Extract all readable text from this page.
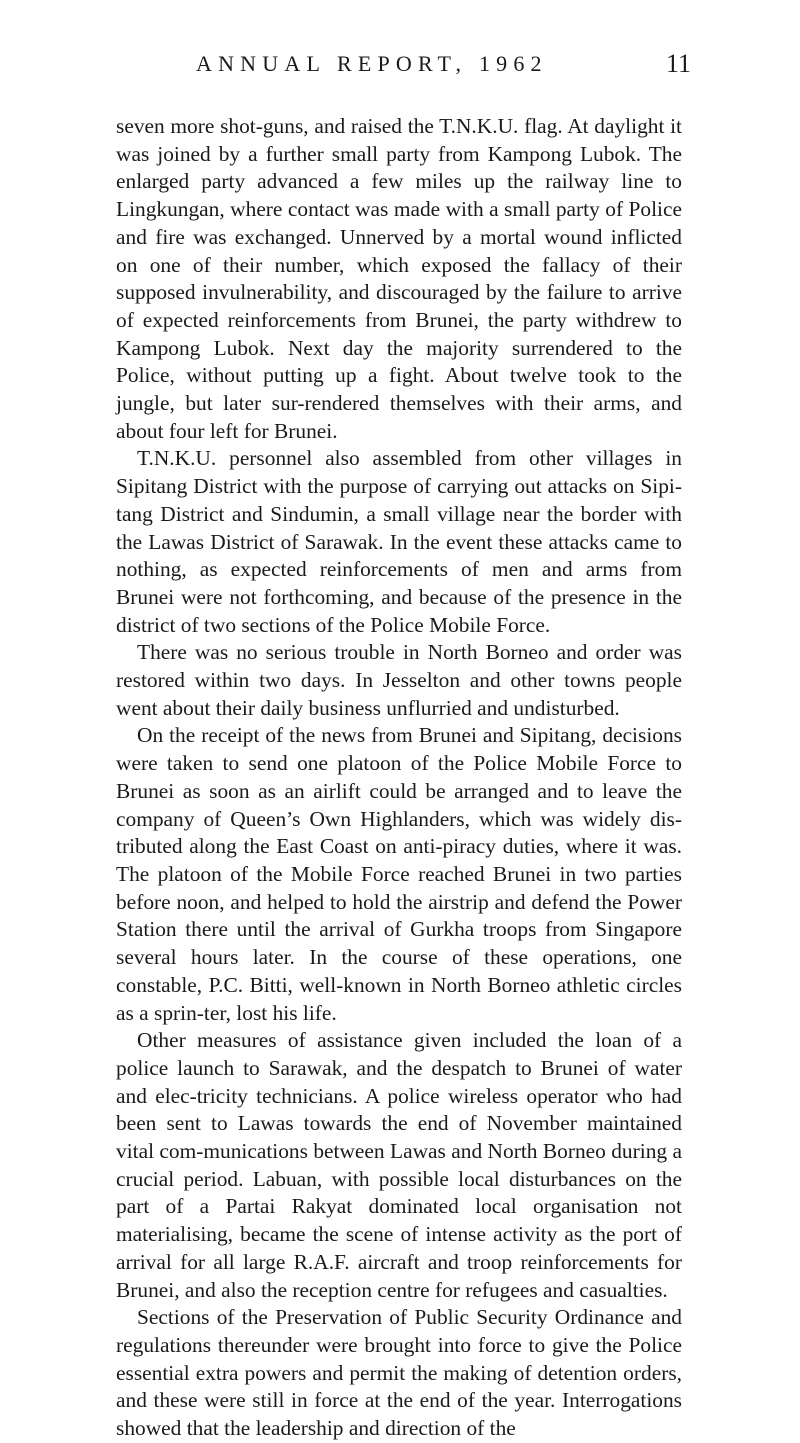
ANNUAL REPORT, 1962	11

seven more shot-guns, and raised the T.N.K.U. flag. At daylight it was joined by a further small party from Kampong Lubok. The enlarged party advanced a few miles up the railway line to Lingkungan, where contact was made with a small party of Police and fire was exchanged. Unnerved by a mortal wound inflicted on one of their number, which exposed the fallacy of their supposed invulnerability, and discouraged by the failure to arrive of expected reinforcements from Brunei, the party withdrew to Kampong Lubok. Next day the majority surrendered to the Police, without putting up a fight. About twelve took to the jungle, but later sur-rendered themselves with their arms, and about four left for Brunei.

T.N.K.U. personnel also assembled from other villages in Sipitang District with the purpose of carrying out attacks on Sipi-tang District and Sindumin, a small village near the border with the Lawas District of Sarawak. In the event these attacks came to nothing, as expected reinforcements of men and arms from Brunei were not forthcoming, and because of the presence in the district of two sections of the Police Mobile Force.

There was no serious trouble in North Borneo and order was restored within two days. In Jesselton and other towns people went about their daily business unflurried and undisturbed.

On the receipt of the news from Brunei and Sipitang, decisions were taken to send one platoon of the Police Mobile Force to Brunei as soon as an airlift could be arranged and to leave the company of Queen’s Own Highlanders, which was widely dis-tributed along the East Coast on anti-piracy duties, where it was. The platoon of the Mobile Force reached Brunei in two parties before noon, and helped to hold the airstrip and defend the Power Station there until the arrival of Gurkha troops from Singapore several hours later. In the course of these operations, one constable, P.C. Bitti, well-known in North Borneo athletic circles as a sprin-ter, lost his life.

Other measures of assistance given included the loan of a police launch to Sarawak, and the despatch to Brunei of water and elec-tricity technicians. A police wireless operator who had been sent to Lawas towards the end of November maintained vital com-munications between Lawas and North Borneo during a crucial period. Labuan, with possible local disturbances on the part of a Partai Rakyat dominated local organisation not materialising, became the scene of intense activity as the port of arrival for all large R.A.F. aircraft and troop reinforcements for Brunei, and also the reception centre for refugees and casualties.

Sections of the Preservation of Public Security Ordinance and regulations thereunder were brought into force to give the Police essential extra powers and permit the making of detention orders, and these were still in force at the end of the year. Interrogations showed that the leadership and direction of the
